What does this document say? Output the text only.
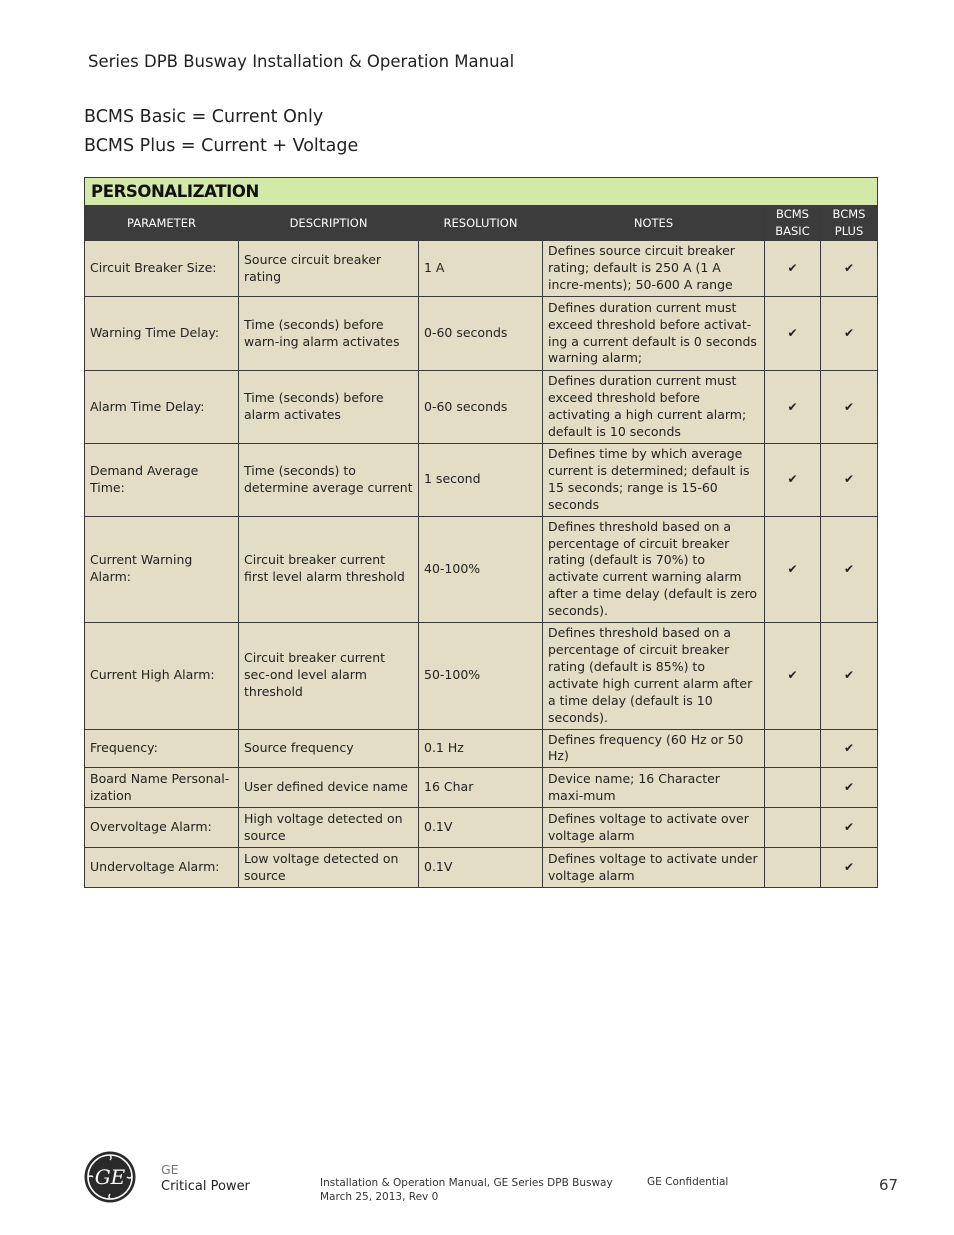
Series DPB Busway Installation & Operation Manual
BCMS Basic = Current Only
BCMS Plus = Current + Voltage
PERSONALIZATION					
PARAMETER	DESCRIPTION	RESOLUTION	NOTES	BCMS BASIC	BCMS PLUS
Circuit Breaker Size:	Source circuit breaker rating	1 A	Defines source circuit breaker rating; default is 250 A (1 A incre-ments); 50-600 A range	✔	✔
Warning Time Delay:	Time (seconds) before warn-ing alarm activates	0-60 seconds	Defines duration current must exceed threshold before activat-ing a current default is 0 seconds warning alarm;	✔	✔
Alarm Time Delay:	Time (seconds) before alarm activates	0-60 seconds	Defines duration current must exceed threshold before activating a high current alarm; default is 10 seconds	✔	✔
Demand Average Time:	Time (seconds) to determine average current	1 second	Defines time by which average current is determined; default is 15 seconds; range is 15-60 seconds	✔	✔
Current Warning Alarm:	Circuit breaker current first level alarm threshold	40-100%	Defines threshold based on a percentage of circuit breaker rating (default is 70%) to activate current warning alarm after a time delay (default is zero seconds).	✔	✔
Current High Alarm:	Circuit breaker current sec-ond level alarm threshold	50-100%	Defines threshold based on a percentage of circuit breaker rating (default is 85%) to activate high current alarm after a time delay (default is 10 seconds).	✔	✔
Frequency:	Source frequency	0.1 Hz	Defines frequency (60 Hz or 50 Hz)		✔
Board Name Personal-ization	User defined device name	16 Char	Device name; 16 Character maxi-mum		✔
Overvoltage Alarm:	High voltage detected on source	0.1V	Defines voltage to activate over voltage alarm		✔
Undervoltage Alarm:	Low voltage detected on source	0.1V	Defines voltage to activate under voltage alarm		✔
GE	GE
Critical Power	Installation & Operation Manual, GE Series DPB Busway
March 25, 2013, Rev 0
GE Confidential	67
